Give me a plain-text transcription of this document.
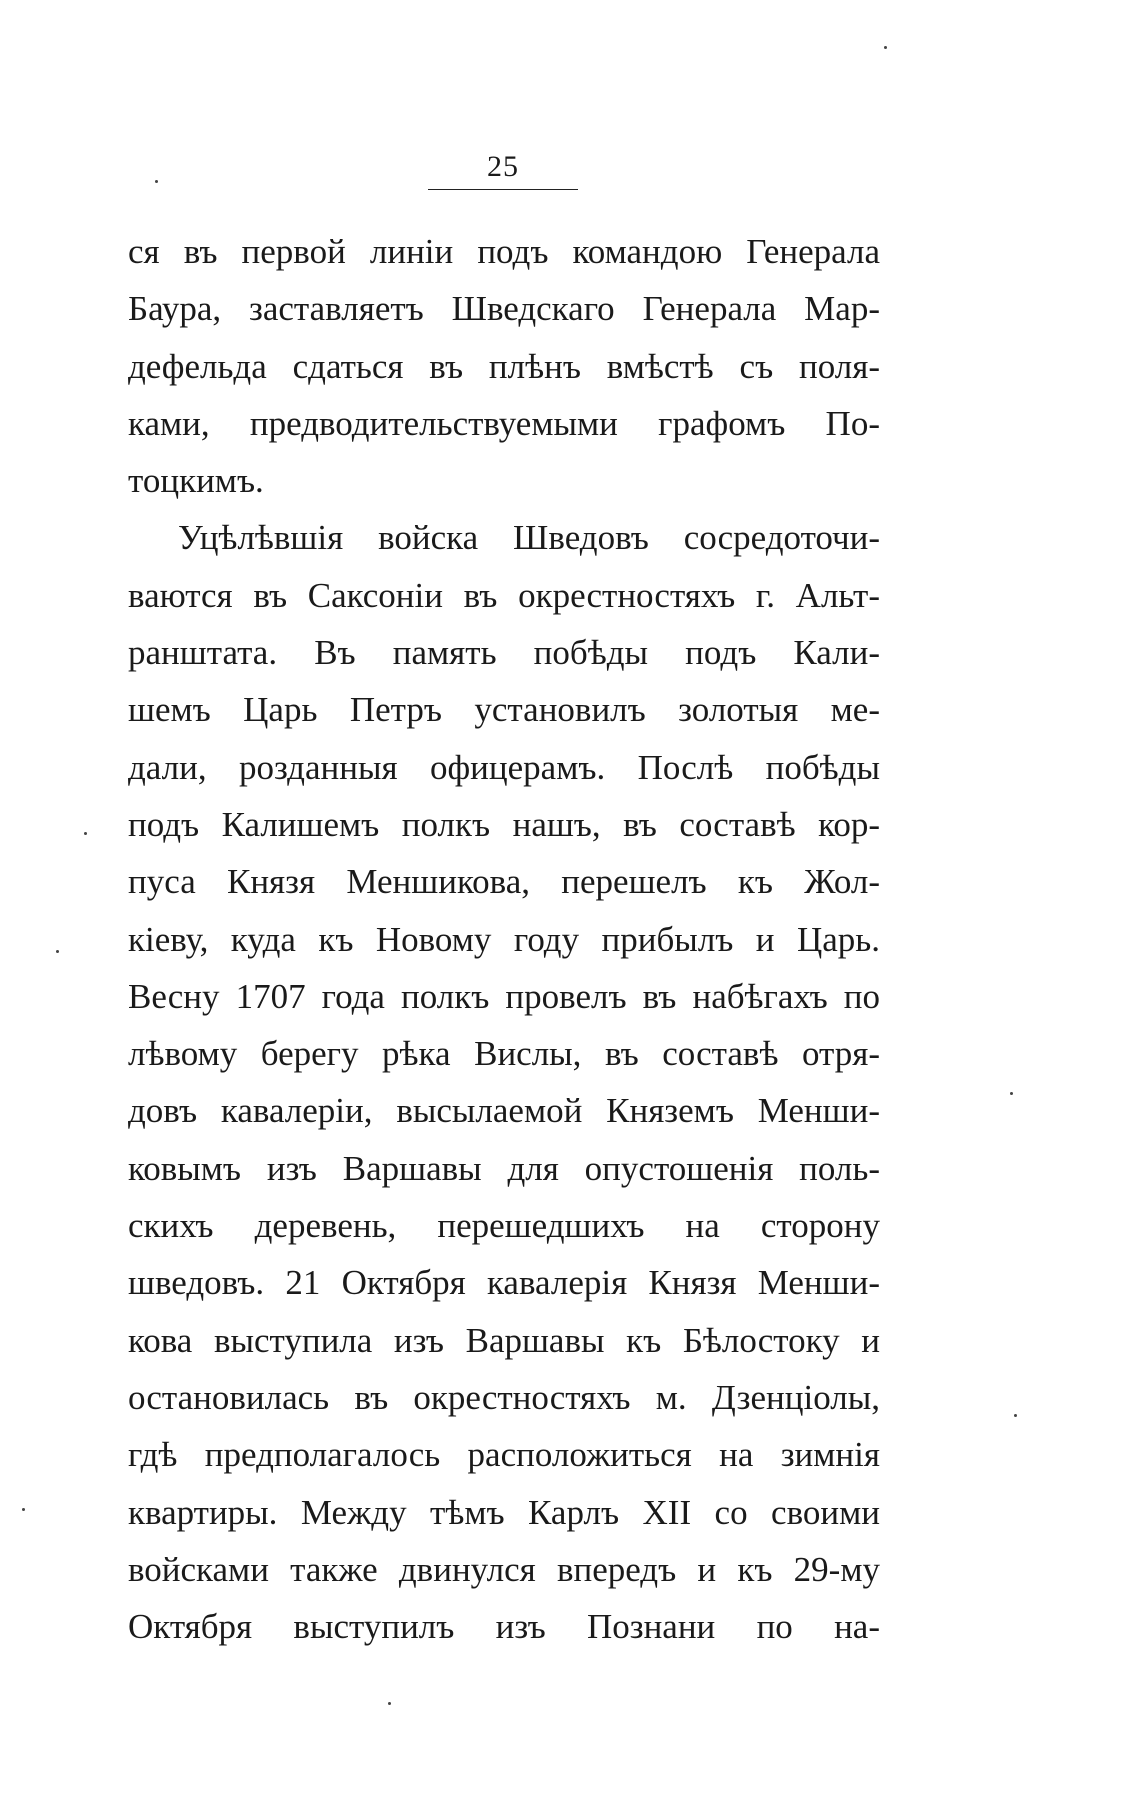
25
ся въ первой линіи подъ командою Генерала
Баура, заставляетъ Шведскаго Генерала Мар-
дефельда сдаться въ плѣнъ вмѣстѣ съ поля-
ками, предводительствуемыми графомъ По-
тоцкимъ.
Уцѣлѣвшія войска Шведовъ сосредоточи-
ваются въ Саксоніи въ окрестностяхъ г. Альт-
ранштата. Въ память побѣды подъ Кали-
шемъ Царь Петръ установилъ золотыя ме-
дали, розданныя офицерамъ. Послѣ побѣды
подъ Калишемъ полкъ нашъ, въ составѣ кор-
пуса Князя Меншикова, перешелъ къ Жол-
кіеву, куда къ Новому году прибылъ и Царь.
Весну 1707 года полкъ провелъ въ набѣгахъ по
лѣвому берегу рѣка Вислы, въ составѣ отря-
довъ кавалеріи, высылаемой Княземъ Менши-
ковымъ изъ Варшавы для опустошенія поль-
скихъ деревень, перешедшихъ на сторону
шведовъ. 21 Октября кавалерія Князя Менши-
кова выступила изъ Варшавы къ Бѣлостоку и
остановилась въ окрестностяхъ м. Дзенціолы,
гдѣ предполагалось расположиться на зимнія
квартиры. Между тѣмъ Карлъ XII со своими
войсками также двинулся впередъ и къ 29-му
Октября выступилъ изъ Познани по на-
